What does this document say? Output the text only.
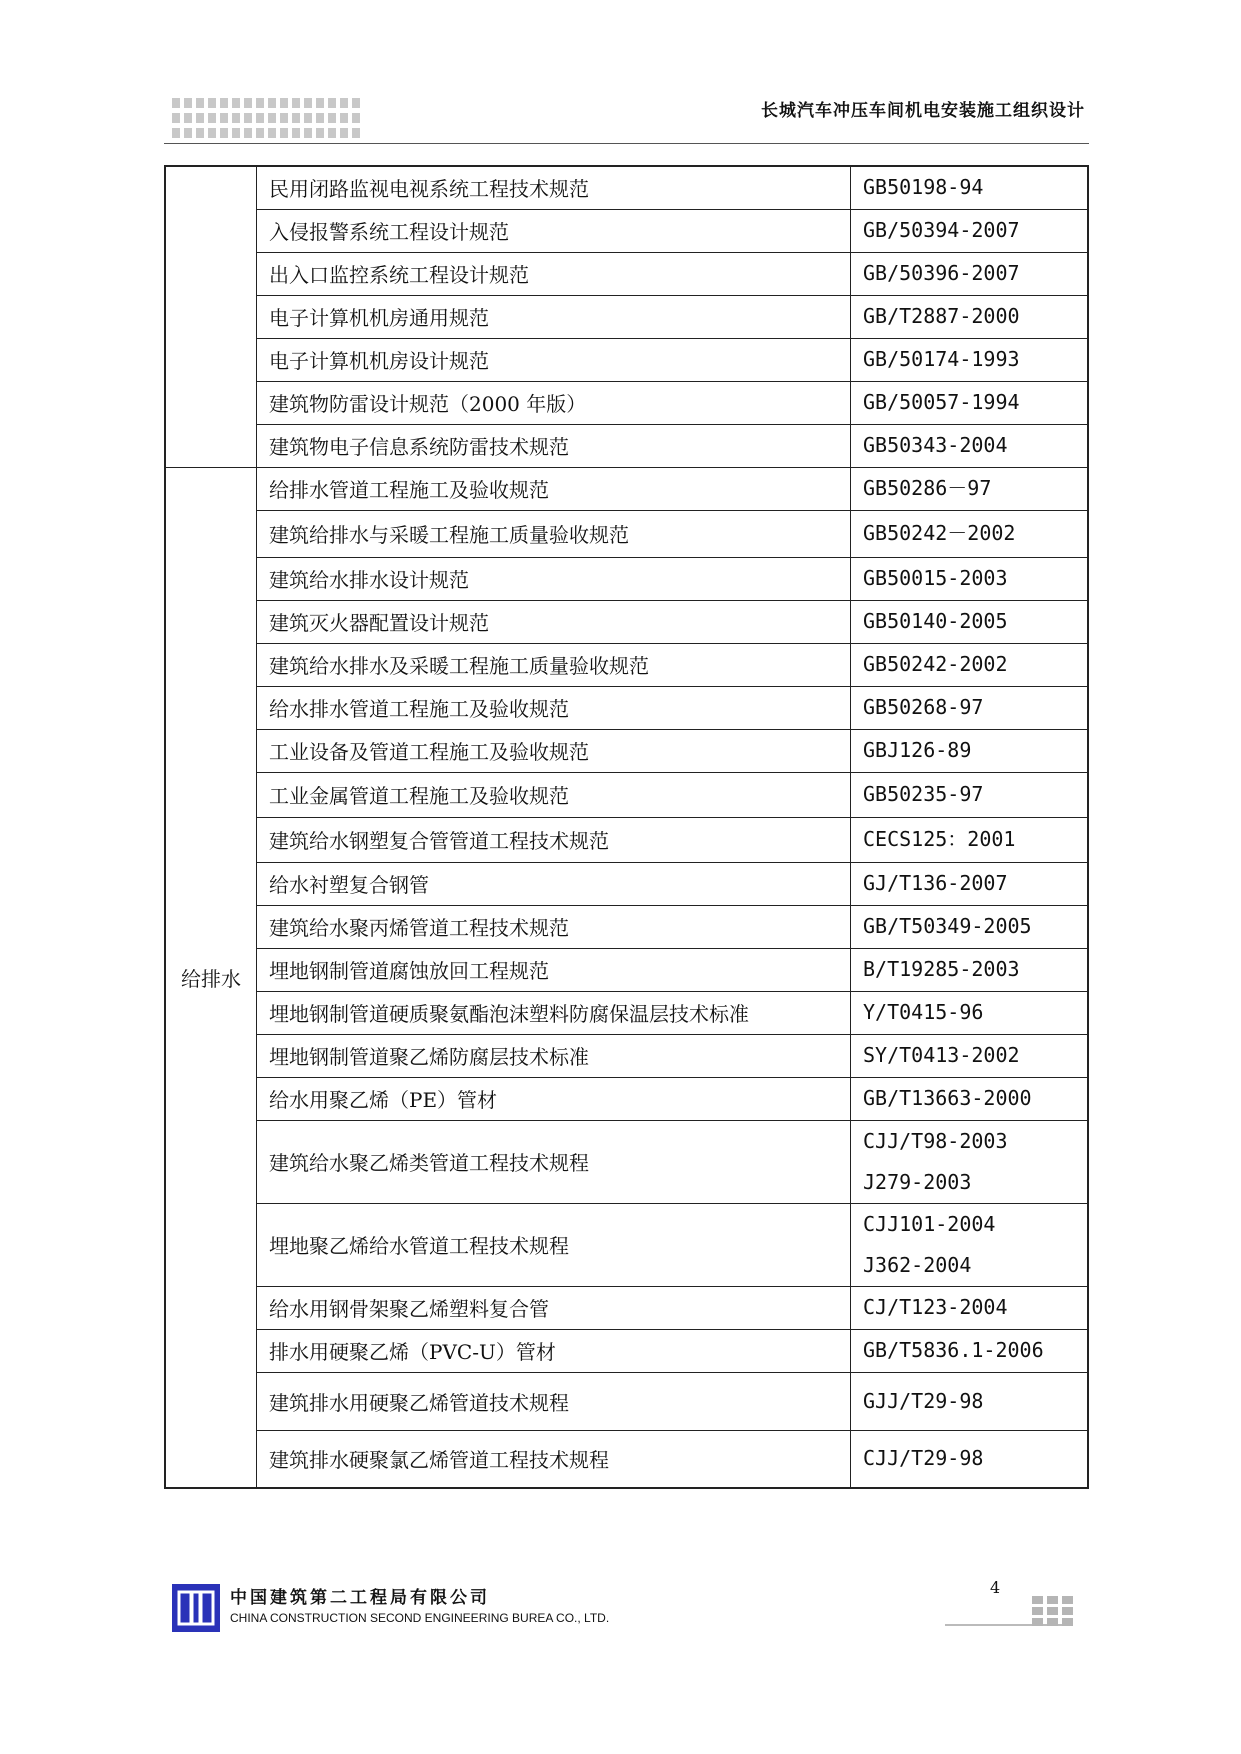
长城汽车冲压车间机电安装施工组织设计
	民用闭路监视电视系统工程技术规范	GB50198-94

	入侵报警系统工程设计规范	GB/50394-2007

	出入口监控系统工程设计规范	GB/50396-2007

	电子计算机机房通用规范	GB/T2887-2000

	电子计算机机房设计规范	GB/50174-1993

	建筑物防雷设计规范（2000 年版）	GB/50057-1994

	建筑物电子信息系统防雷技术规范	GB50343-2004

给排水	给排水管道工程施工及验收规范	GB50286－97

	建筑给排水与采暖工程施工质量验收规范	GB50242－2002

	建筑给水排水设计规范	GB50015-2003

	建筑灭火器配置设计规范	GB50140-2005

	建筑给水排水及采暖工程施工质量验收规范	GB50242-2002

	给水排水管道工程施工及验收规范	GB50268-97

	工业设备及管道工程施工及验收规范	GBJ126-89

	工业金属管道工程施工及验收规范	GB50235-97

	建筑给水钢塑复合管管道工程技术规范	CECS125：2001

	给水衬塑复合钢管	GJ/T136-2007

	建筑给水聚丙烯管道工程技术规范	GB/T50349-2005

	埋地钢制管道腐蚀放回工程规范	B/T19285-2003

	埋地钢制管道硬质聚氨酯泡沫塑料防腐保温层技术标准	Y/T0415-96

	埋地钢制管道聚乙烯防腐层技术标准	SY/T0413-2002

	给水用聚乙烯（PE）管材	GB/T13663-2000

	建筑给水聚乙烯类管道工程技术规程	CJJ/T98-2003
J279-2003

	埋地聚乙烯给水管道工程技术规程	CJJ101-2004
J362-2004

	给水用钢骨架聚乙烯塑料复合管	CJ/T123-2004

	排水用硬聚乙烯（PVC-U）管材	GB/T5836.1-2006

	建筑排水用硬聚乙烯管道技术规程	GJJ/T29-98

	建筑排水硬聚氯乙烯管道工程技术规程	CJJ/T29-98
中国建筑第二工程局有限公司
CHINA CONSTRUCTION SECOND ENGINEERING BUREA CO., LTD.
4
